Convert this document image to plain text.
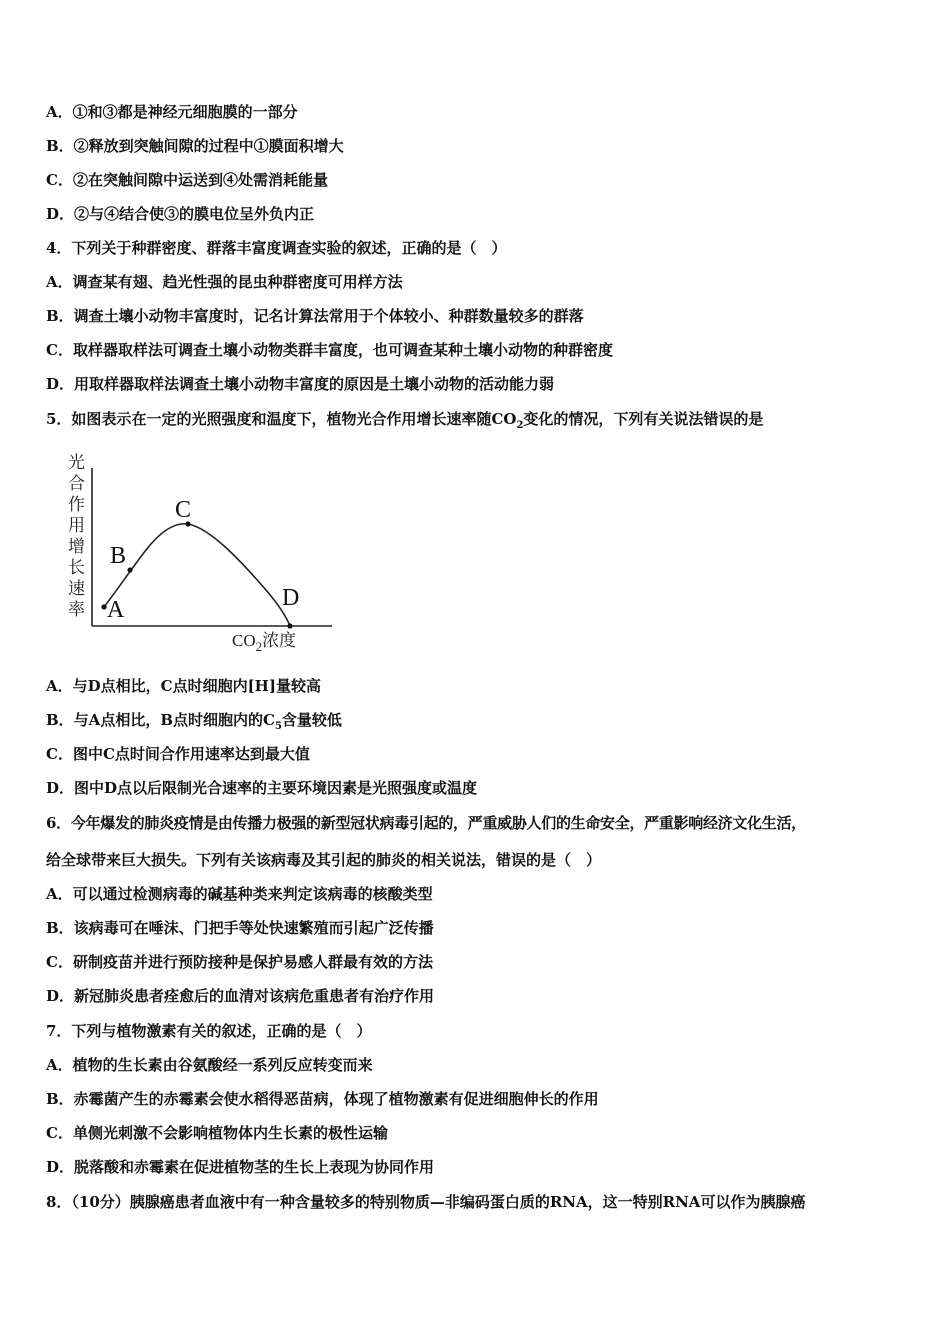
A．①和③都是神经元细胞膜的一部分
B．②释放到突触间隙的过程中①膜面积增大
C．②在突触间隙中运送到④处需消耗能量
D．②与④结合使③的膜电位呈外负内正
4．下列关于种群密度、群落丰富度调查实验的叙述，正确的是（　）
A．调查某有翅、趋光性强的昆虫种群密度可用样方法
B．调查土壤小动物丰富度时，记名计算法常用于个体较小、种群数量较多的群落
C．取样器取样法可调查土壤小动物类群丰富度，也可调查某种土壤小动物的种群密度
D．用取样器取样法调查土壤小动物丰富度的原因是土壤小动物的活动能力弱
5．如图表示在一定的光照强度和温度下，植物光合作用增长速率随$CO_2$变化的情况，下列有关说法错误的是
光
合
作
用
增
长
速
率 A
B
C
D
$CO_2$浓度
A．与D点相比，C点时细胞内[H]量较高
B．与A点相比，B点时细胞内的$C_5$含量较低
C．图中C点时间合作用速率达到最大值
D．图中D点以后限制光合速率的主要环境因素是光照强度或温度
6．今年爆发的肺炎疫情是由传播力极强的新型冠状病毒引起的，严重威胁人们的生命安全，严重影响经济文化生活，
给全球带来巨大损失。下列有关该病毒及其引起的肺炎的相关说法，错误的是（　）
A．可以通过检测病毒的碱基种类来判定该病毒的核酸类型
B．该病毒可在唾沫、门把手等处快速繁殖而引起广泛传播
C．研制疫苗并进行预防接种是保护易感人群最有效的方法
D．新冠肺炎患者痊愈后的血清对该病危重患者有治疗作用
7．下列与植物激素有关的叙述，正确的是（　）
A．植物的生长素由谷氨酸经一系列反应转变而来
B．赤霉菌产生的赤霉素会使水稻得恶苗病，体现了植物激素有促进细胞伸长的作用
C．单侧光刺激不会影响植物体内生长素的极性运输
D．脱落酸和赤霉素在促进植物茎的生长上表现为协同作用
8．（10分）胰腺癌患者血液中有一种含量较多的特别物质—非编码蛋白质的RNA，这一特别RNA可以作为胰腺癌
